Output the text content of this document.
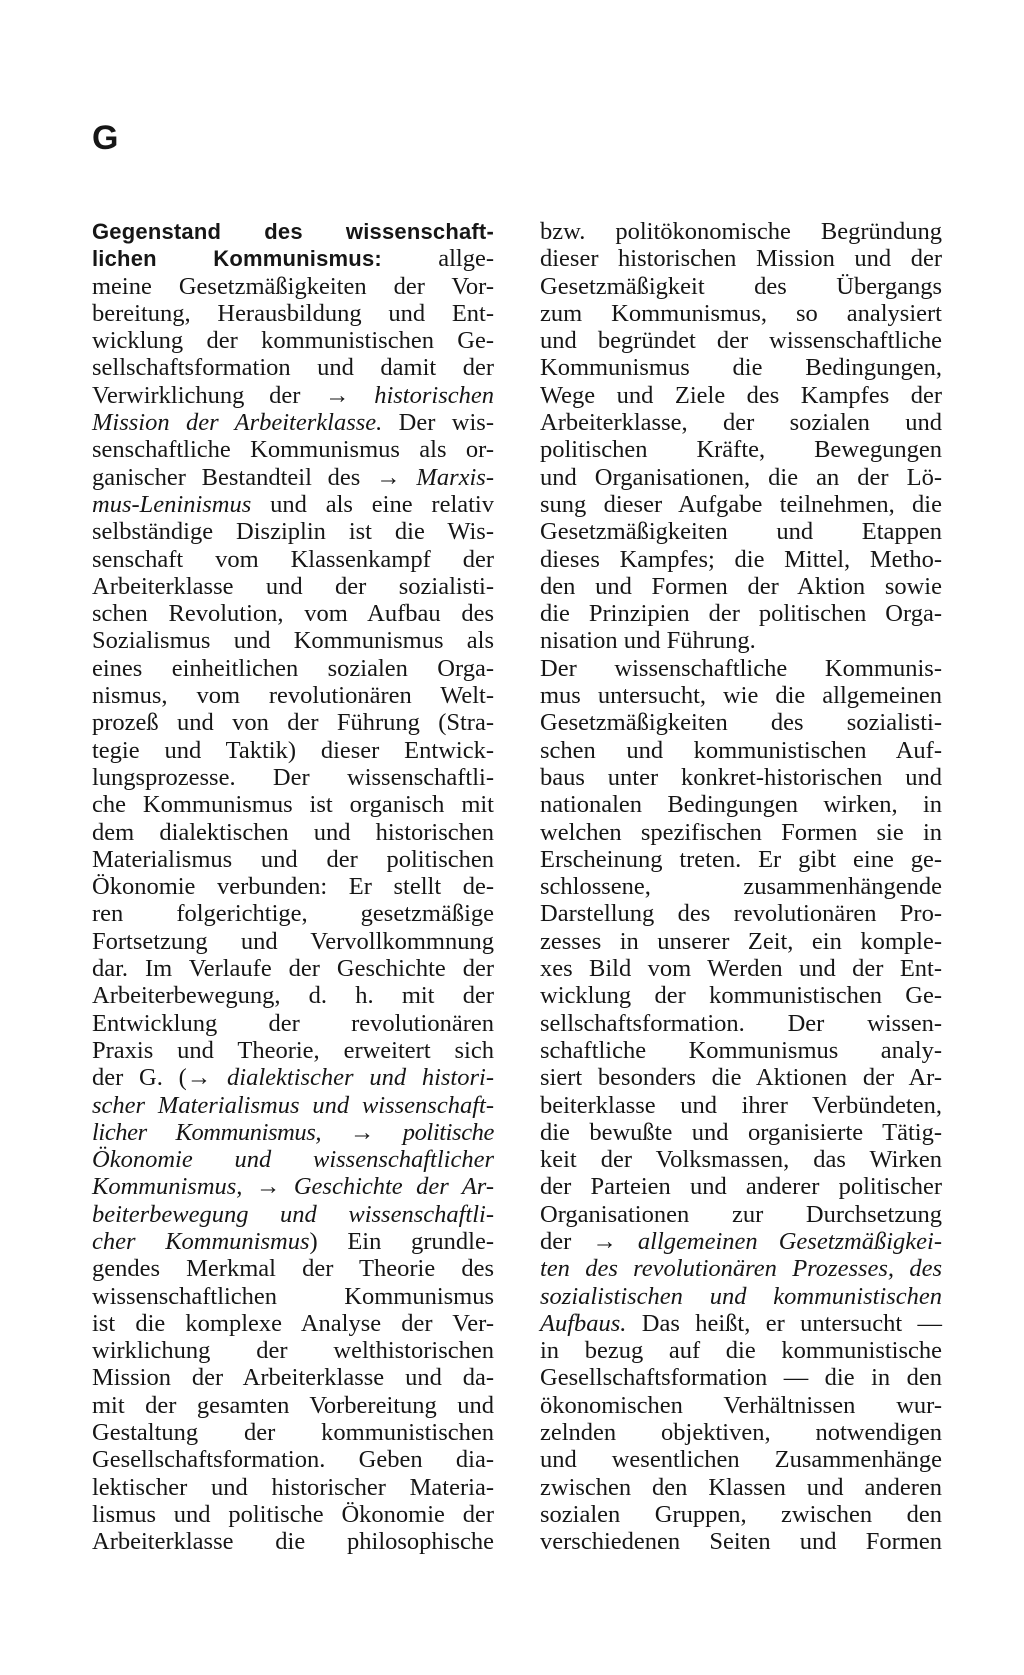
G
Gegenstand des wissenschaft-
lichen Kommunismus: allge-
meine Gesetzmäßigkeiten der Vor-
bereitung, Herausbildung und Ent-
wicklung der kommunistischen Ge-
sellschaftsformation und damit der
Verwirklichung der → historischen
Mission der Arbeiterklasse. Der wis-
senschaftliche Kommunismus als or-
ganischer Bestandteil des → Marxis-
mus-Leninismus und als eine relativ
selbständige Disziplin ist die Wis-
senschaft vom Klassenkampf der
Arbeiterklasse und der sozialisti-
schen Revolution, vom Aufbau des
Sozialismus und Kommunismus als
eines einheitlichen sozialen Orga-
nismus, vom revolutionären Welt-
prozeß und von der Führung (Stra-
tegie und Taktik) dieser Entwick-
lungsprozesse. Der wissenschaftli-
che Kommunismus ist organisch mit
dem dialektischen und historischen
Materialismus und der politischen
Ökonomie verbunden: Er stellt de-
ren folgerichtige, gesetzmäßige
Fortsetzung und Vervollkommnung
dar. Im Verlaufe der Geschichte der
Arbeiterbewegung, d. h. mit der
Entwicklung der revolutionären
Praxis und Theorie, erweitert sich
der G. (→ dialektischer und histori-
scher Materialismus und wissenschaft-
licher Kommunismus, → politische
Ökonomie und wissenschaftlicher
Kommunismus, → Geschichte der Ar-
beiterbewegung und wissenschaftli-
cher Kommunismus) Ein grundle-
gendes Merkmal der Theorie des
wissenschaftlichen Kommunismus
ist die komplexe Analyse der Ver-
wirklichung der welthistorischen
Mission der Arbeiterklasse und da-
mit der gesamten Vorbereitung und
Gestaltung der kommunistischen
Gesellschaftsformation. Geben dia-
lektischer und historischer Materia-
lismus und politische Ökonomie der
Arbeiterklasse die philosophische
bzw. politökonomische Begründung
dieser historischen Mission und der
Gesetzmäßigkeit des Übergangs
zum Kommunismus, so analysiert
und begründet der wissenschaftliche
Kommunismus die Bedingungen,
Wege und Ziele des Kampfes der
Arbeiterklasse, der sozialen und
politischen Kräfte, Bewegungen
und Organisationen, die an der Lö-
sung dieser Aufgabe teilnehmen, die
Gesetzmäßigkeiten und Etappen
dieses Kampfes; die Mittel, Metho-
den und Formen der Aktion sowie
die Prinzipien der politischen Orga-
nisation und Führung.
Der wissenschaftliche Kommunis-
mus untersucht, wie die allgemeinen
Gesetzmäßigkeiten des sozialisti-
schen und kommunistischen Auf-
baus unter konkret-historischen und
nationalen Bedingungen wirken, in
welchen spezifischen Formen sie in
Erscheinung treten. Er gibt eine ge-
schlossene, zusammenhängende
Darstellung des revolutionären Pro-
zesses in unserer Zeit, ein komple-
xes Bild vom Werden und der Ent-
wicklung der kommunistischen Ge-
sellschaftsformation. Der wissen-
schaftliche Kommunismus analy-
siert besonders die Aktionen der Ar-
beiterklasse und ihrer Verbündeten,
die bewußte und organisierte Tätig-
keit der Volksmassen, das Wirken
der Parteien und anderer politischer
Organisationen zur Durchsetzung
der → allgemeinen Gesetzmäßigkei-
ten des revolutionären Prozesses, des
sozialistischen und kommunistischen
Aufbaus. Das heißt, er untersucht —
in bezug auf die kommunistische
Gesellschaftsformation — die in den
ökonomischen Verhältnissen wur-
zelnden objektiven, notwendigen
und wesentlichen Zusammenhänge
zwischen den Klassen und anderen
sozialen Gruppen, zwischen den
verschiedenen Seiten und Formen
